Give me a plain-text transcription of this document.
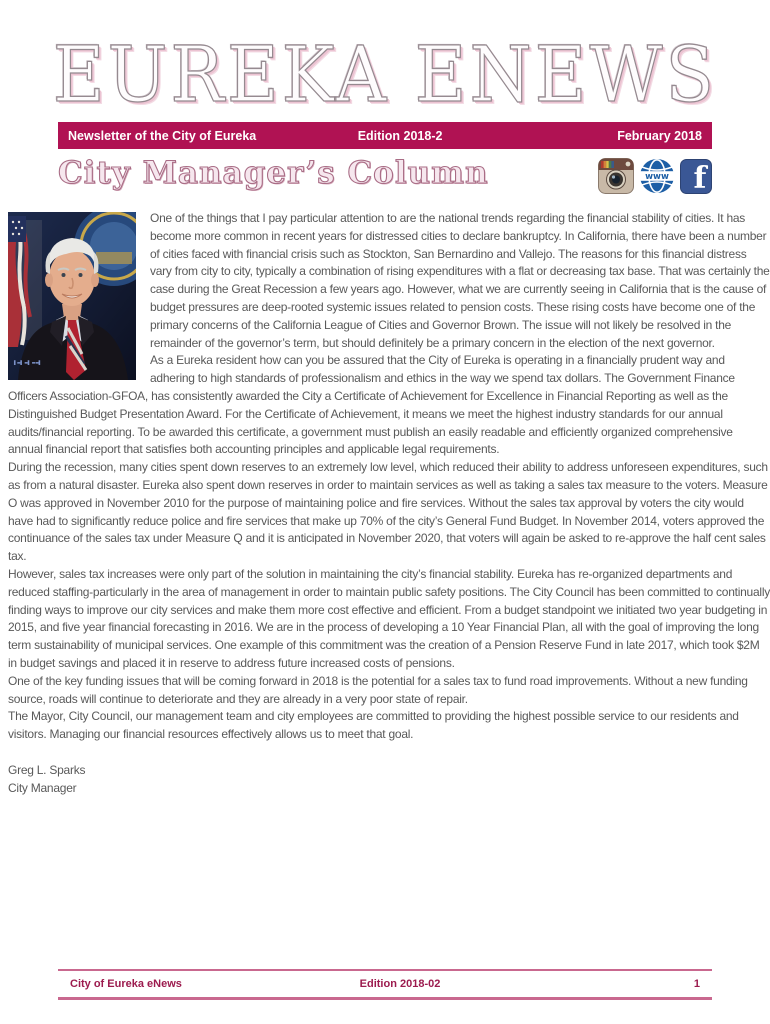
EUREKA ENEWS
Newsletter of the City of Eureka	Edition 2018-2	February 2018
City Manager’s Column	www f

▌▬▌ ▬▌ ▬▬▌
One of the things that I pay particular attention to are the national trends regarding the financial stability of cities. It has become more common in recent years for distressed cities to declare bankruptcy. In California, there have been a number of cities faced with financial crisis such as Stockton, San Bernardino and Vallejo. The reasons for this financial distress vary from city to city, typically a combination of rising expenditures with a flat or decreasing tax base. That was certainly the case during the Great Recession a few years ago. However, what we are currently seeing in California that is the cause of budget pressures are deep-rooted systemic issues related to pension costs. These rising costs have become one of the primary concerns of the California League of Cities and Governor Brown. The issue will not likely be resolved in the remainder of the governor’s term, but should definitely be a primary concern in the election of the next governor.

As a Eureka resident how can you be assured that the City of Eureka is operating in a financially prudent way and adhering to high standards of professionalism and ethics in the way we spend tax dollars. The Government Finance Officers Association-GFOA, has consistently awarded the City a Certificate of Achievement for Excellence in Financial Reporting as well as the Distinguished Budget Presentation Award. For the Certificate of Achievement, it means we meet the highest industry standards for our annual audits/financial reporting. To be awarded this certificate, a government must publish an easily readable and efficiently organized comprehensive annual financial report that satisfies both accounting principles and applicable legal requirements.

During the recession, many cities spent down reserves to an extremely low level, which reduced their ability to address unforeseen expenditures, such as from a natural disaster. Eureka also spent down reserves in order to maintain services as well as taking a sales tax measure to the voters. Measure O was approved in November 2010 for the purpose of maintaining police and fire services. Without the sales tax approval by voters the city would have had to significantly reduce police and fire services that make up 70% of the city’s General Fund Budget. In November 2014, voters approved the continuance of the sales tax under Measure Q and it is anticipated in November 2020, that voters will again be asked to re-approve the half cent sales tax.

However, sales tax increases were only part of the solution in maintaining the city’s financial stability. Eureka has re-organized departments and reduced staffing-particularly in the area of management in order to maintain public safety positions. The City Council has been committed to continually finding ways to improve our city services and make them more cost effective and efficient. From a budget standpoint we initiated two year budgeting in 2015, and five year financial forecasting in 2016. We are in the process of developing a 10 Year Financial Plan, all with the goal of improving the long term sustainability of municipal services. One example of this commitment was the creation of a Pension Reserve Fund in late 2017, which took $2M in budget savings and placed it in reserve to address future increased costs of pensions.

One of the key funding issues that will be coming forward in 2018 is the potential for a sales tax to fund road improvements. Without a new funding source, roads will continue to deteriorate and they are already in a very poor state of repair.

The Mayor, City Council, our management team and city employees are committed to providing the highest possible service to our residents and visitors. Managing our financial resources effectively allows us to meet that goal.

Greg L. Sparks
City Manager
City of Eureka eNews	Edition 2018-02	1
